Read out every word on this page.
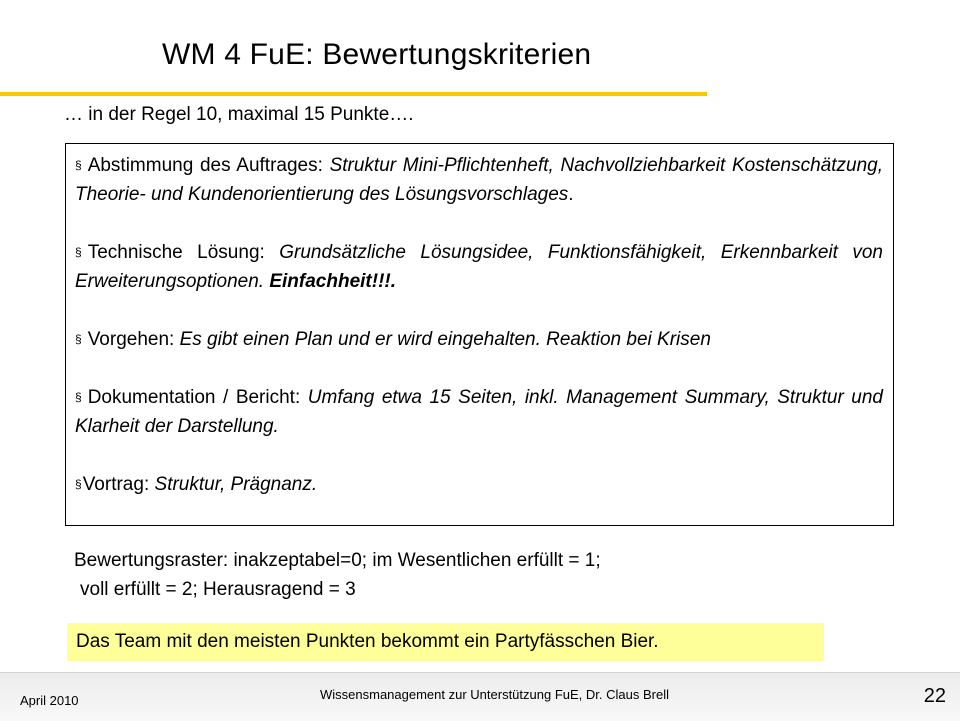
WM 4 FuE: Bewertungskriterien
… in der Regel 10, maximal 15 Punkte….

§ Abstimmung des Auftrages: Struktur Mini-Pflichtenheft, Nachvollziehbarkeit Kostenschätzung, Theorie- und Kundenorientierung des Lösungsvorschlages.

§ Technische Lösung: Grundsätzliche Lösungsidee, Funktionsfähigkeit, Erkennbarkeit von Erweiterungsoptionen. Einfachheit!!!.

§ Vorgehen: Es gibt einen Plan und er wird eingehalten. Reaktion bei Krisen

§ Dokumentation / Bericht: Umfang etwa 15 Seiten, inkl. Management Summary, Struktur und Klarheit der Darstellung.

§Vortrag: Struktur, Prägnanz.

Bewertungsraster: inakzeptabel=0; im Wesentlichen erfüllt = 1;
voll erfüllt = 2; Herausragend = 3
Das Team mit den meisten Punkten bekommt ein Partyfässchen Bier.
April 2010	Wissensmanagement zur Unterstützung FuE, Dr. Claus Brell	22
